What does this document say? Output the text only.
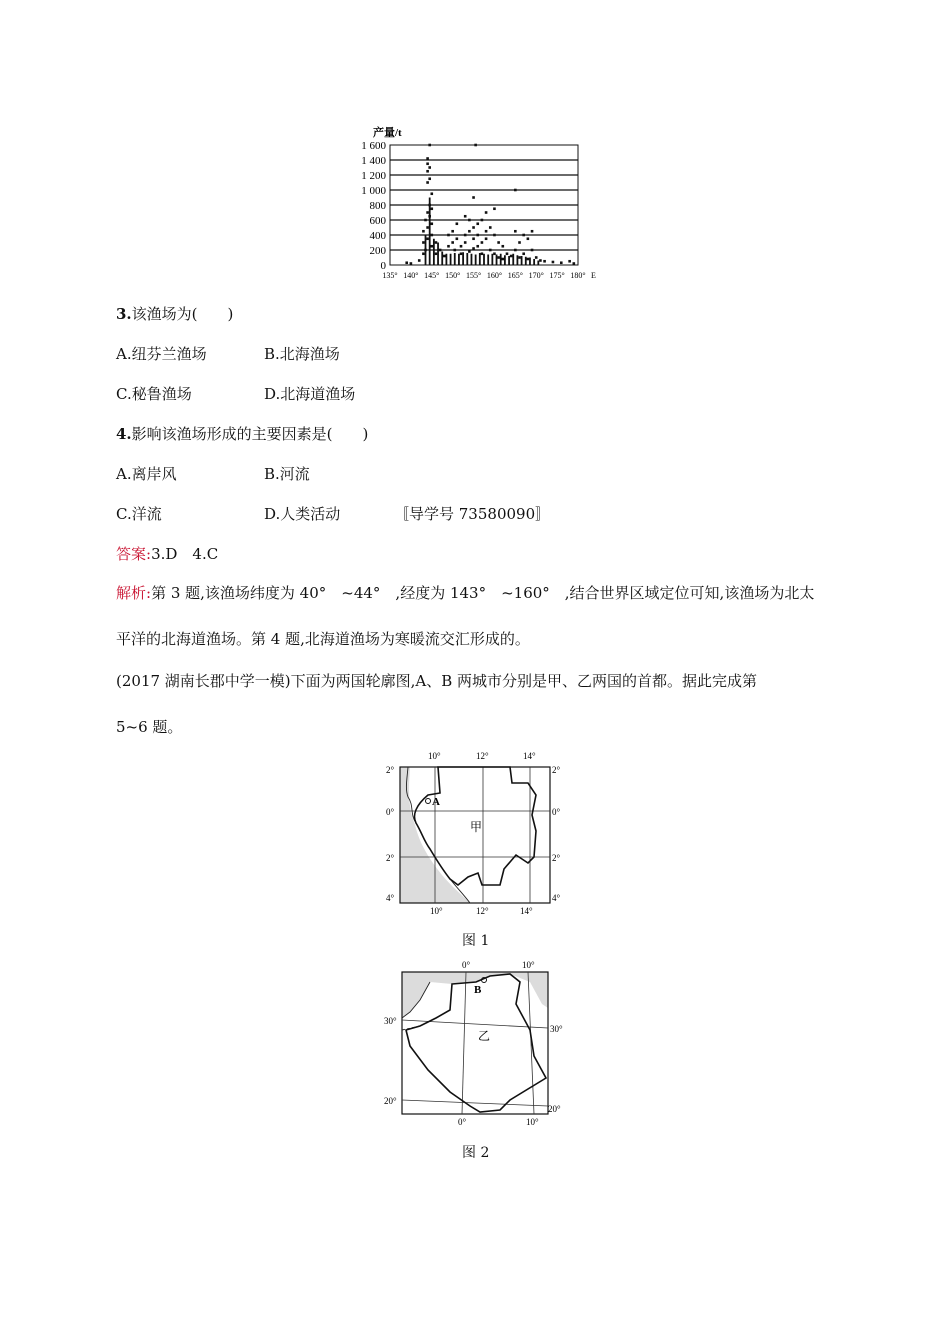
产量/t
0
200
400
600
800
1 000
1 200
1 400
1 600
135° 140° 145° 150° 155° 160° 165° 170° 175° 180° E
3.该渔场为(　　)
A.纽芬兰渔场	B.北海渔场
C.秘鲁渔场	D.北海道渔场
4.影响该渔场形成的主要因素是(　　)
A.离岸风	B.河流
C.洋流	D.人类活动	〚导学号 73580090〛
答案:3.D　4.C
解析:第 3 题,该渔场纬度为 40°　~44°　,经度为 143°　~160°　,结合世界区域定位可知,该渔场为北太
平洋的北海道渔场。第 4 题,北海道渔场为寒暖流交汇形成的。
(2017 湖南长郡中学一模)下面为两国轮廓图,A、B 两城市分别是甲、乙两国的首都。据此完成第
5~6 题。
A
甲
10°	12°	14°
10°	12°	14°
2°
0°
2°
4°
2°
0°
2°
4°
图 1
B
乙
0°	10°
0°	10°
30°
30°
20°
20°
图 2
